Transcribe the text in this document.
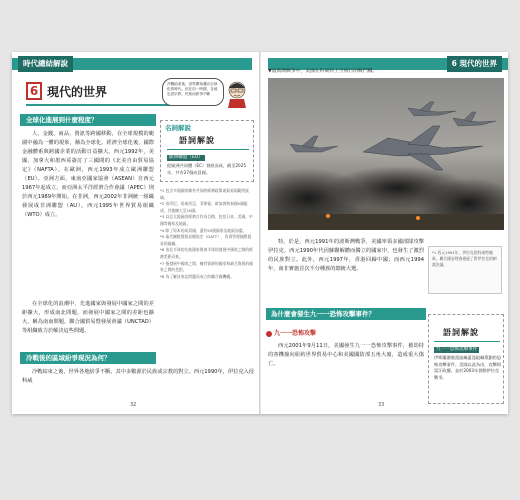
時代總結解說
6 現代的世界
冷戰結束後，世界開始邁向全球化的時代。但在同一時期，各地也因宗教、民族而紛爭不斷
全球化進展到什麼程度？
人、金錢、商品、資訊等跨國移動，在全球規模的範圍中融為一體的現象，稱為全球化。經濟全球化後，國際金融體系與跨國企業的活動日益擴大。西元1992年，美國、加拿大和墨西哥簽訂了三國間的《北美自由貿易協定》（NAFTA）。在歐洲，西元1993年成立歐洲聯盟（EU）。亞洲方面，東南亞國家協會（ASEAN）自西元1967年起成立，而亞洲太平洋經濟合作會議（APEC）則於西元1989年開始。在非洲，西元2002年非洲統一組織發展成非洲聯盟（AU）。西元1995年世界貿易組織（WTO）成立。
在全球化的浪潮中，先進國家與發展中國家之間的差距擴大，形成南北問題，而發展中國家之間的差距也擴大，稱為南南問題。聯合國貿易暨發展會議（UNCTAD）等組織致力於解決這些問題。
冷戰後的區域紛爭現況為何？
冷戰結束之後，世界各地紛爭不斷。其中多數源於民族或宗教的對立。西元1990年，伊拉克入侵科威
名詞解說
語詞解說
歐洲聯盟（EU）
從歐洲共同體（EC）發展而成，截至2025年，共有27個成員國。
*1 包含多個國家擁有共同的經濟政策或貿易規範的區域。
*2 由印尼、馬來西亞、菲律賓、新加坡和泰國5國組成，其後擴大至10國。
*3 以亞太地區的經濟合作為目標，包括日本、美國、中國等國家及地區。
*4 除了原本的成員國，還有55個國家及地區加盟。
*5 取代關稅暨貿易總協定（GATT），負責管理國際貿易的組織。
*6 由北半球的先進國家與南半球的發展中國家之間的經濟差距而來。
*7 指發展中國家之間，擁有資源的國家和缺乏資源的國家之間的差距。
*8 為了解決南北問題而成立的聯合國機構。
32
6 現代的世界
▼波斯灣戰爭中，美國在科威特上空飛行的戰鬥機。
特。於是，西元1991年的波斯灣戰爭，美國率領多國部隊攻擊伊拉克。西元1990年代因蘇聯解體而獨立的國家中，也發生了激烈的民族對立。此外，西元1997年，香港回歸中國；而西元1994年，南非實施首次不分種族的總統大選。
*1 西元1991年，伊拉克從科威特撤軍，聯合國安理會通過了對伊拉克的制裁決議。
為什麼會發生九一一恐怖攻擊事件？
九一一恐怖攻擊
西元2001年9月11日，美國發生九一一恐怖攻擊事件，被劫持的客機撞向紐約世界貿易中心和美國國防部五角大廈，造成重大傷亡。
語詞解說
九一一恐怖攻擊事件
伊斯蘭激進派組織蓋達組織策劃的恐怖攻擊事件。美國以此為由，攻擊阿富汗政權，並於2003年發動伊拉克戰爭。
33
